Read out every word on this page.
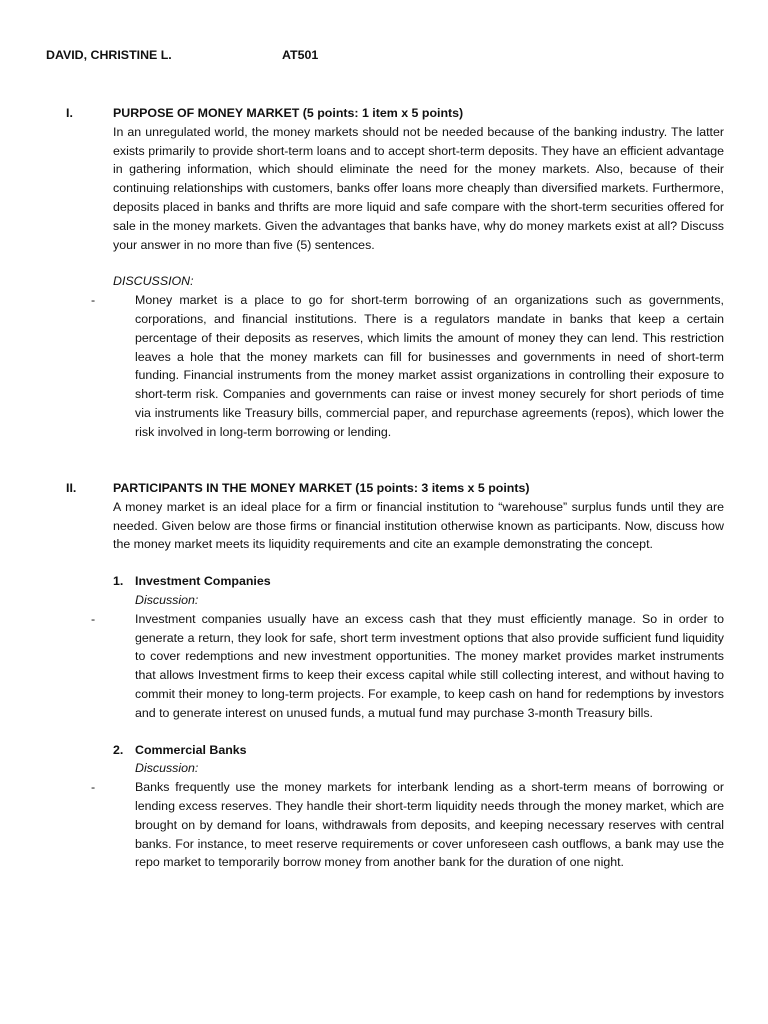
DAVID, CHRISTINE L.	AT501
I.	PURPOSE OF MONEY MARKET (5 points: 1 item x 5 points)

In an unregulated world, the money markets should not be needed because of the banking industry. The latter exists primarily to provide short-term loans and to accept short-term deposits. They have an efficient advantage in gathering information, which should eliminate the need for the money markets. Also, because of their continuing relationships with customers, banks offer loans more cheaply than diversified markets. Furthermore, deposits placed in banks and thrifts are more liquid and safe compare with the short-term securities offered for sale in the money markets. Given the advantages that banks have, why do money markets exist at all? Discuss your answer in no more than five (5) sentences.

DISCUSSION:
-	Money market is a place to go for short-term borrowing of an organizations such as governments, corporations, and financial institutions. There is a regulators mandate in banks that keep a certain percentage of their deposits as reserves, which limits the amount of money they can lend. This restriction leaves a hole that the money markets can fill for businesses and governments in need of short-term funding. Financial instruments from the money market assist organizations in controlling their exposure to short-term risk. Companies and governments can raise or invest money securely for short periods of time via instruments like Treasury bills, commercial paper, and repurchase agreements (repos), which lower the risk involved in long-term borrowing or lending.
II.	PARTICIPANTS IN THE MONEY MARKET (15 points: 3 items x 5 points)

A money market is an ideal place for a firm or financial institution to “warehouse” surplus funds until they are needed. Given below are those firms or financial institution otherwise known as participants. Now, discuss how the money market meets its liquidity requirements and cite an example demonstrating the concept.

1. Investment Companies
Discussion:
-	Investment companies usually have an excess cash that they must efficiently manage. So in order to generate a return, they look for safe, short term investment options that also provide sufficient fund liquidity to cover redemptions and new investment opportunities. The money market provides market instruments that allows Investment firms to keep their excess capital while still collecting interest, and without having to commit their money to long-term projects. For example, to keep cash on hand for redemptions by investors and to generate interest on unused funds, a mutual fund may purchase 3-month Treasury bills.
2. Commercial Banks
Discussion:
-	Banks frequently use the money markets for interbank lending as a short-term means of borrowing or lending excess reserves. They handle their short-term liquidity needs through the money market, which are brought on by demand for loans, withdrawals from deposits, and keeping necessary reserves with central banks. For instance, to meet reserve requirements or cover unforeseen cash outflows, a bank may use the repo market to temporarily borrow money from another bank for the duration of one night.
